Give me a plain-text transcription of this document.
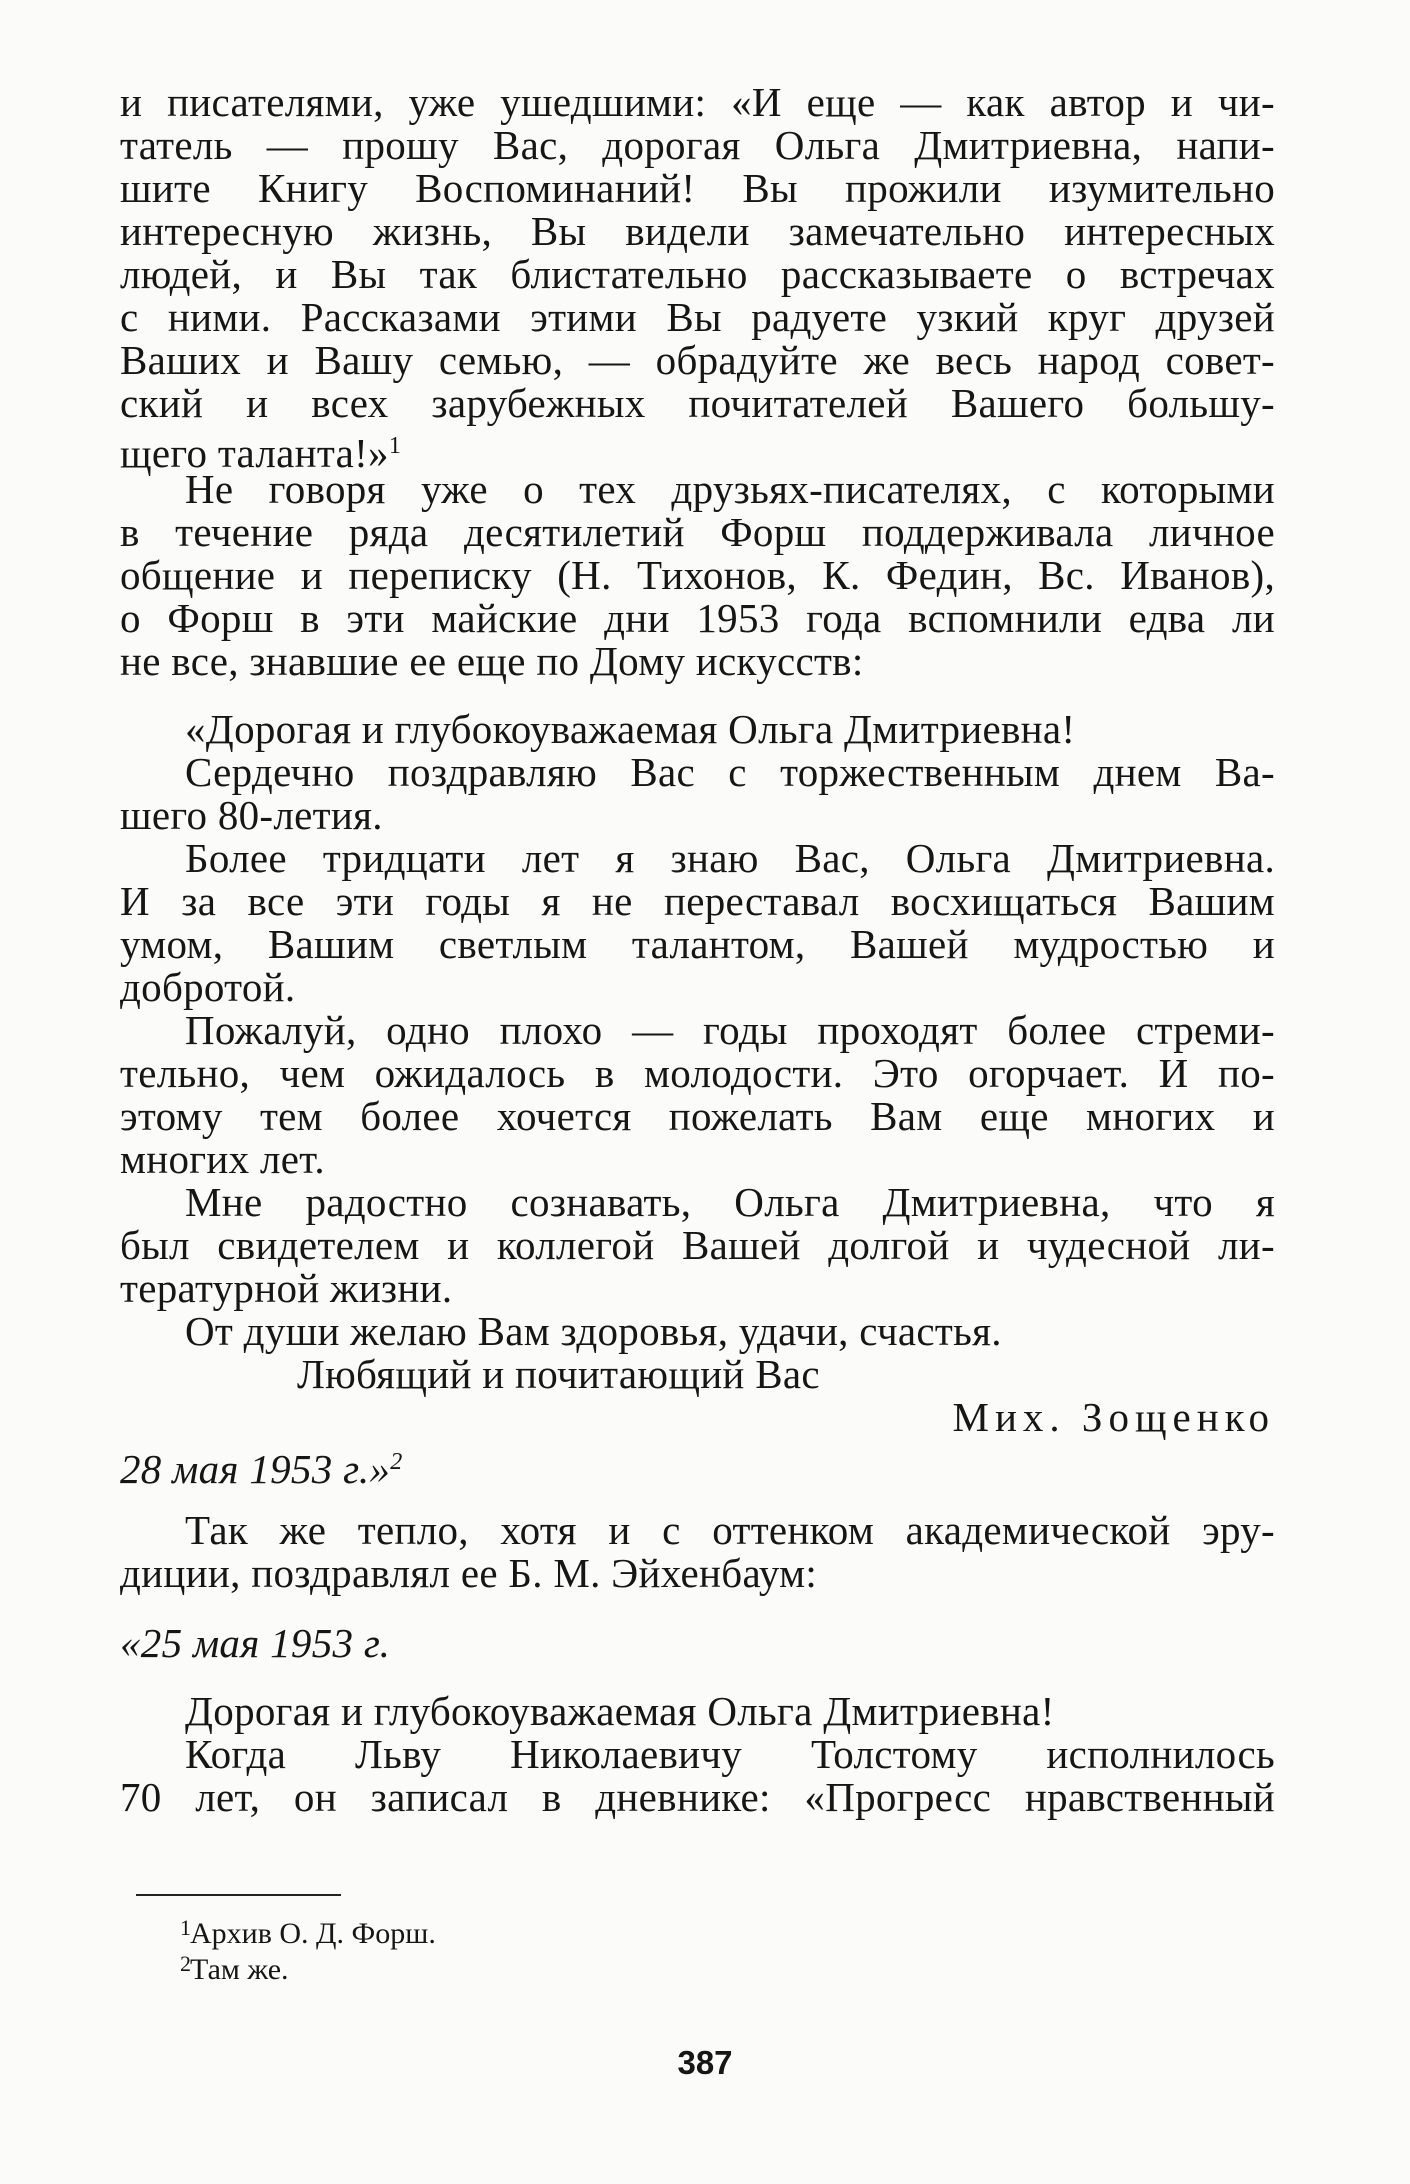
и писателями, уже ушедшими: «И еще — как автор и чи-
татель — прошу Вас, дорогая Ольга Дмитриевна, напи-
шите Книгу Воспоминаний! Вы прожили изумительно
интересную жизнь, Вы видели замечательно интересных
людей, и Вы так блистательно рассказываете о встречах
с ними. Рассказами этими Вы радуете узкий круг друзей
Ваших и Вашу семью, — обрадуйте же весь народ совет-
ский и всех зарубежных почитателей Вашего большу-
щего таланта!»$^1$
Не говоря уже о тех друзьях-писателях, с которыми
в течение ряда десятилетий Форш поддерживала личное
общение и переписку (Н. Тихонов, К. Федин, Вс. Иванов),
о Форш в эти майские дни 1953 года вспомнили едва ли
не все, знавшие ее еще по Дому искусств:
«Дорогая и глубокоуважаемая Ольга Дмитриевна!
Сердечно поздравляю Вас с торжественным днем Ва-
шего 80-летия.
Более тридцати лет я знаю Вас, Ольга Дмитриевна.
И за все эти годы я не переставал восхищаться Вашим
умом, Вашим светлым талантом, Вашей мудростью и
добротой.
Пожалуй, одно плохо — годы проходят более стреми-
тельно, чем ожидалось в молодости. Это огорчает. И по-
этому тем более хочется пожелать Вам еще многих и
многих лет.
Мне радостно сознавать, Ольга Дмитриевна, что я
был свидетелем и коллегой Вашей долгой и чудесной ли-
тературной жизни.
От души желаю Вам здоровья, удачи, счастья.
Любящий и почитающий Вас
Мих. Зощенко
28 мая 1953 г.»$^2$
Так же тепло, хотя и с оттенком академической эру-
диции, поздравлял ее Б. М. Эйхенбаум:
«25 мая 1953 г.
Дорогая и глубокоуважаемая Ольга Дмитриевна!
Когда Льву Николаевичу Толстому исполнилось
70 лет, он записал в дневнике: «Прогресс нравственный
1 Архив О. Д. Форш.
2 Там же.
387
